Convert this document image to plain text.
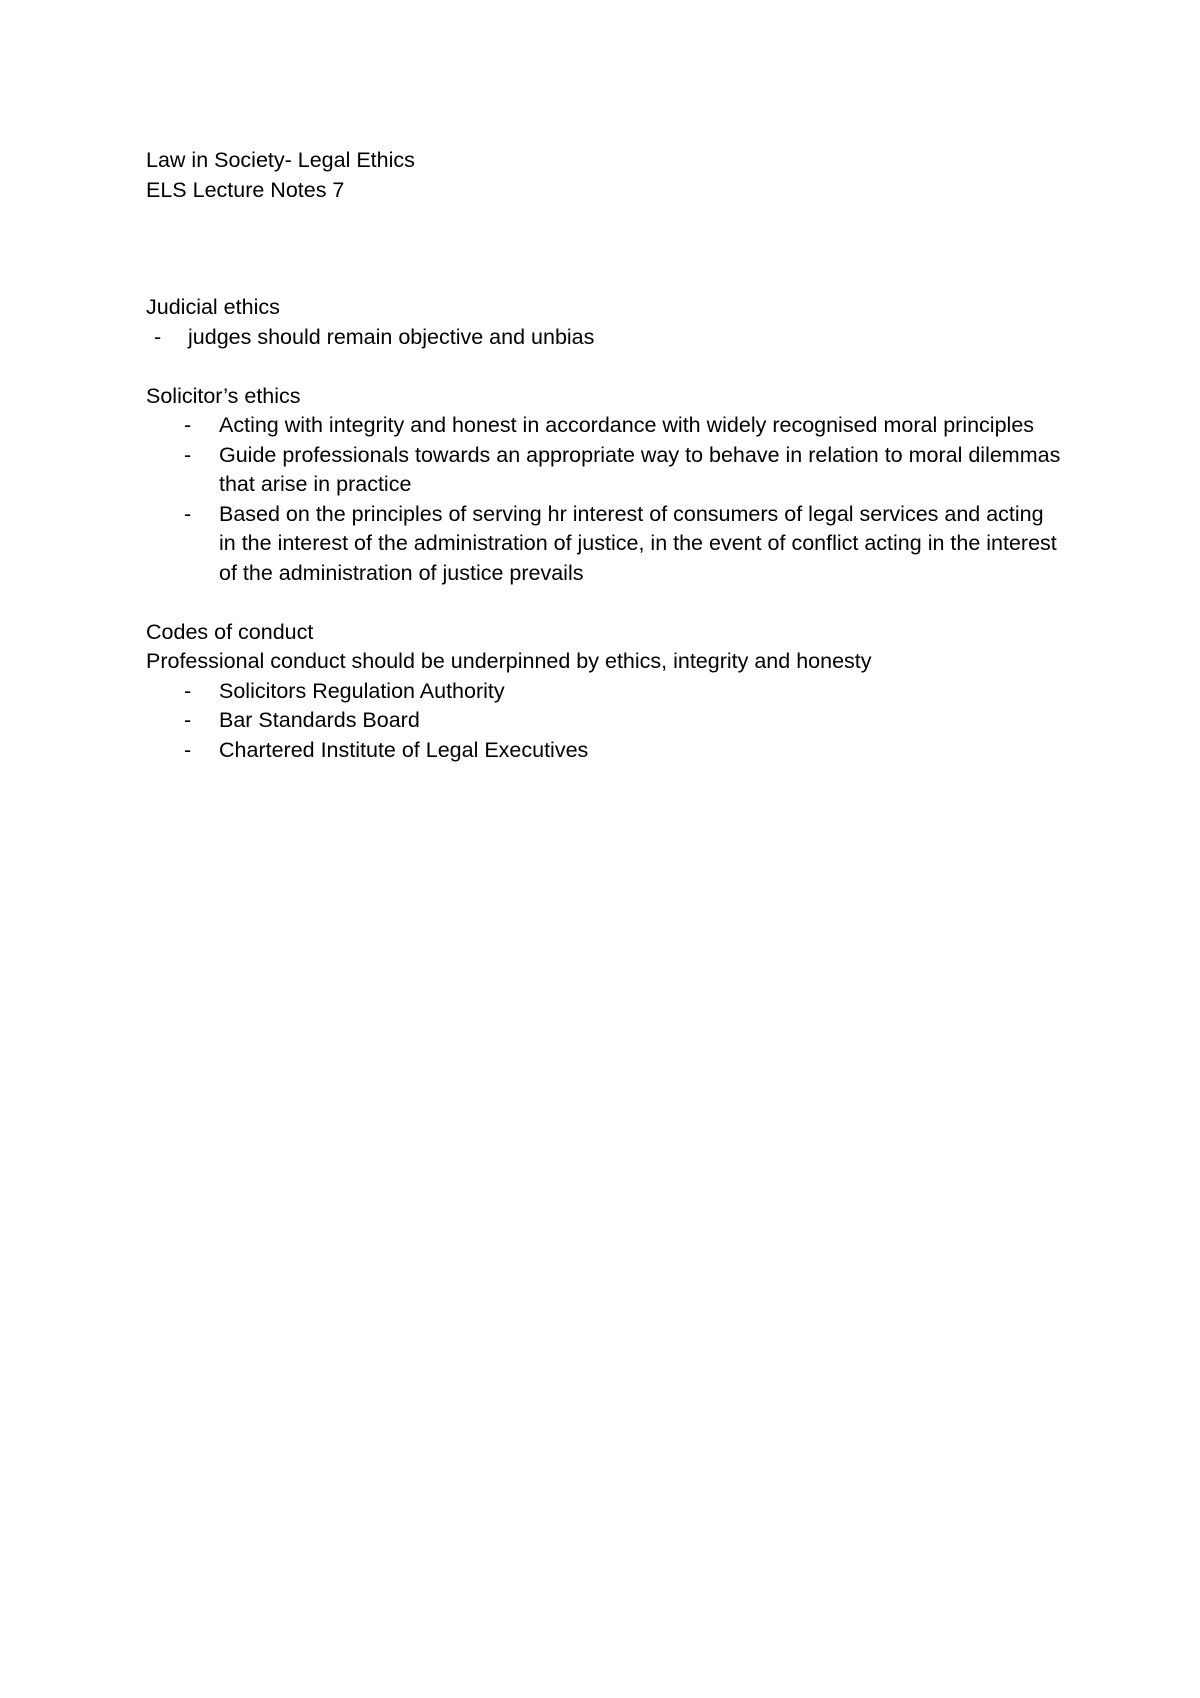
Law in Society- Legal Ethics

ELS Lecture Notes 7

Judicial ethics

- judges should remain objective and unbias

Solicitor’s ethics

- Acting with integrity and honest in accordance with widely recognised moral principles
- Guide professionals towards an appropriate way to behave in relation to moral dilemmas that arise in practice
- Based on the principles of serving hr interest of consumers of legal services and acting in the interest of the administration of justice, in the event of conflict acting in the interest of the administration of justice prevails

Codes of conduct

Professional conduct should be underpinned by ethics, integrity and honesty

- Solicitors Regulation Authority
- Bar Standards Board
- Chartered Institute of Legal Executives
